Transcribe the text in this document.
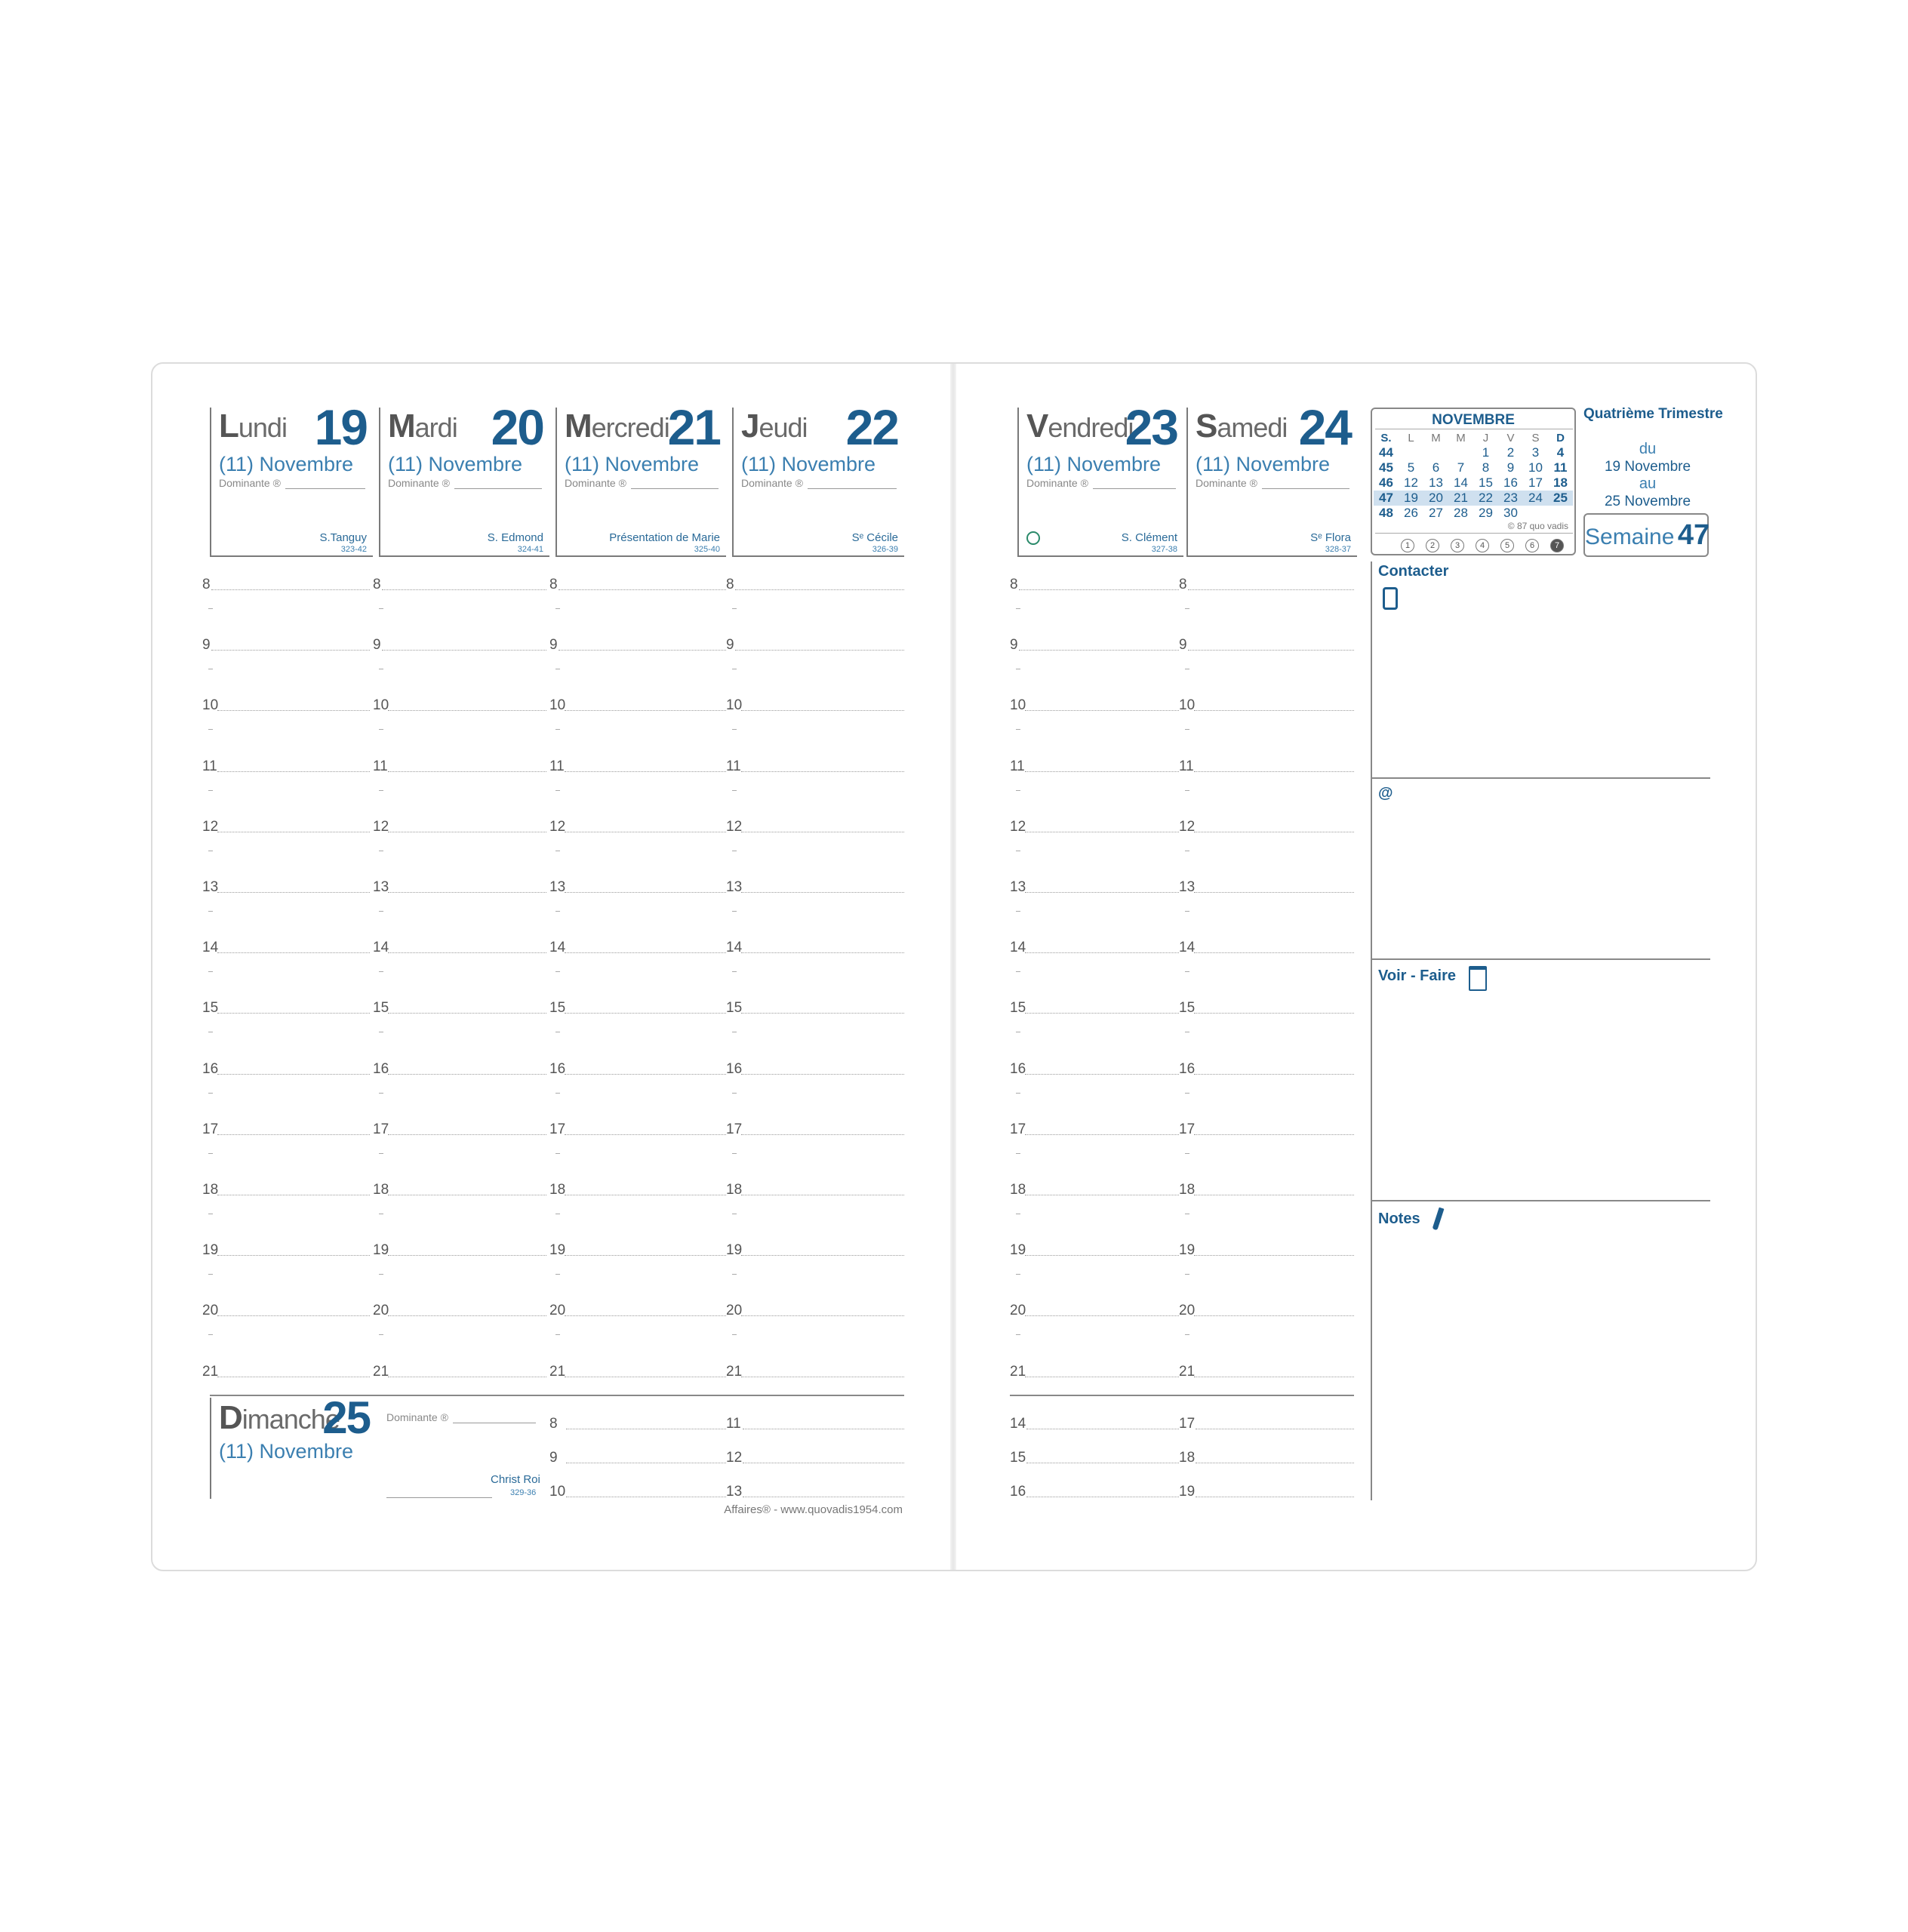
Lundi 19
(11) Novembre
Dominante ®
S.Tanguy
323-42
Mardi 20
(11) Novembre
Dominante ®
S. Edmond
324-41
Mercredi
21
(11) Novembre
Dominante ®
Présentation de Marie
325-40
Jeudi 22
(11) Novembre
Dominante ®
Sᵉ Cécile
326-39
Vendredi
23
(11) Novembre
Dominante ®
S. Clément
327-38
Samedi 24
(11) Novembre
Dominante ®
Sᵉ Flora
328-37
8	8	8	8	8	8
9	9	9	9	9	9
10	10	10	10	10	10
11	11	11	11	11	11
12	12	12	12	12	12
13	13	13	13	13	13
14	14	14	14	14	14
15	15	15	15	15	15
16	16	16	16	16	16
17	17	17	17	17	17
18	18	18	18	18	18
19	19	19	19	19	19
20	20	20	20	20	20
21	21	21	21	21	21
Dimanche
25
(11) Novembre
Dominante ®
Christ Roi
329-36
8	11
9	12
10	13
14	17
15	18
16	19
NOVEMBRE
S.	L	M	M	J	V	S	D
44				1	2	3	4
45	5	6	7	8	9	10	11
46	12	13	14	15	16	17	18
47	19	20	21	22	23	24	25
48	26	27	28	29	30		
© 87 quo vadis
1	2	3	4	5	6	7
Quatrième Trimestre
du
19 Novembre
au
25 Novembre
Semaine 47
Contacter
@
Voir - Faire
Notes
Affaires® - www.quovadis1954.com
